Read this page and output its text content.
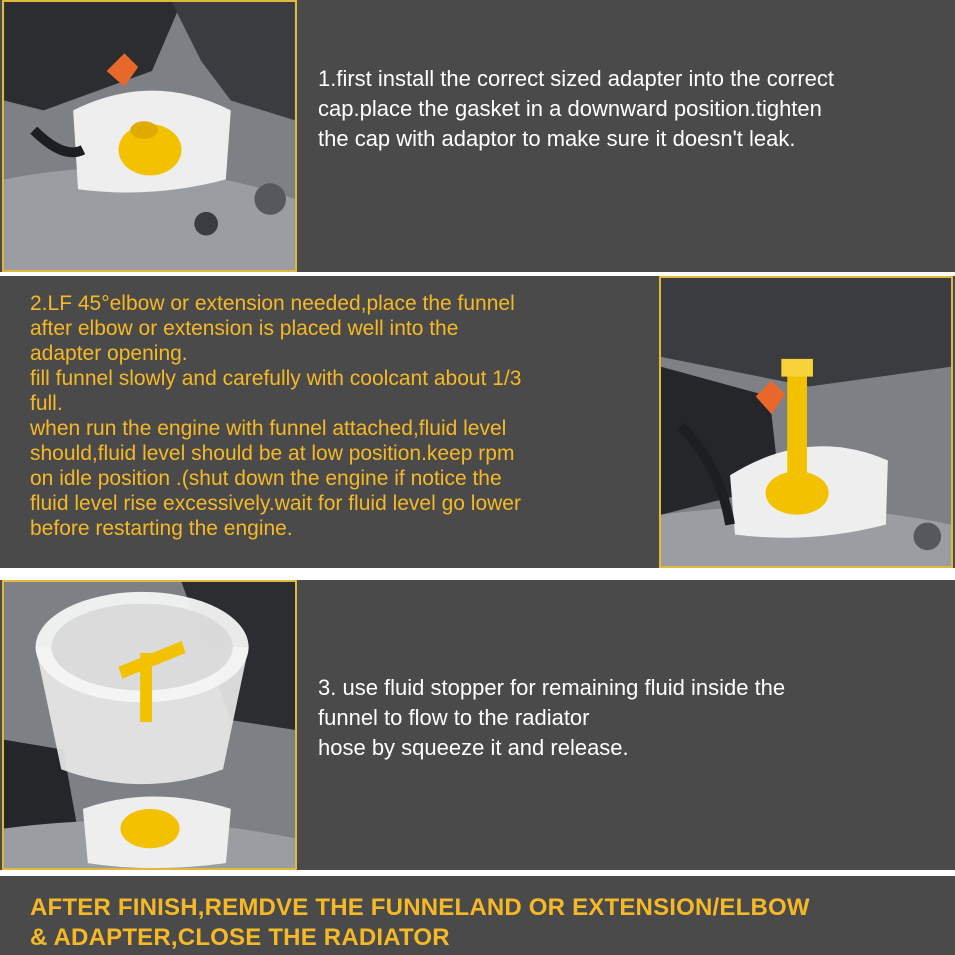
1.first install the correct sized adapter into the correct
cap.place the gasket in a downward position.tighten
the cap with adaptor to make sure it doesn't leak.
2.LF 45°elbow or extension needed,place the funnel
after elbow or extension is placed well into the
adapter opening.
fill funnel slowly and carefully with coolcant about 1/3
full.
when run the engine with funnel attached,fluid level
should,fluid level should be at low position.keep rpm
on idle position .(shut down the engine if notice the
fluid level rise excessively.wait for fluid level go lower
before restarting the engine.
3. use fluid stopper for remaining fluid inside the
funnel to flow to the radiator
hose by squeeze it and release.
AFTER FINISH,REMDVE THE FUNNELAND OR EXTENSION/ELBOW
& ADAPTER,CLOSE THE RADIATOR
